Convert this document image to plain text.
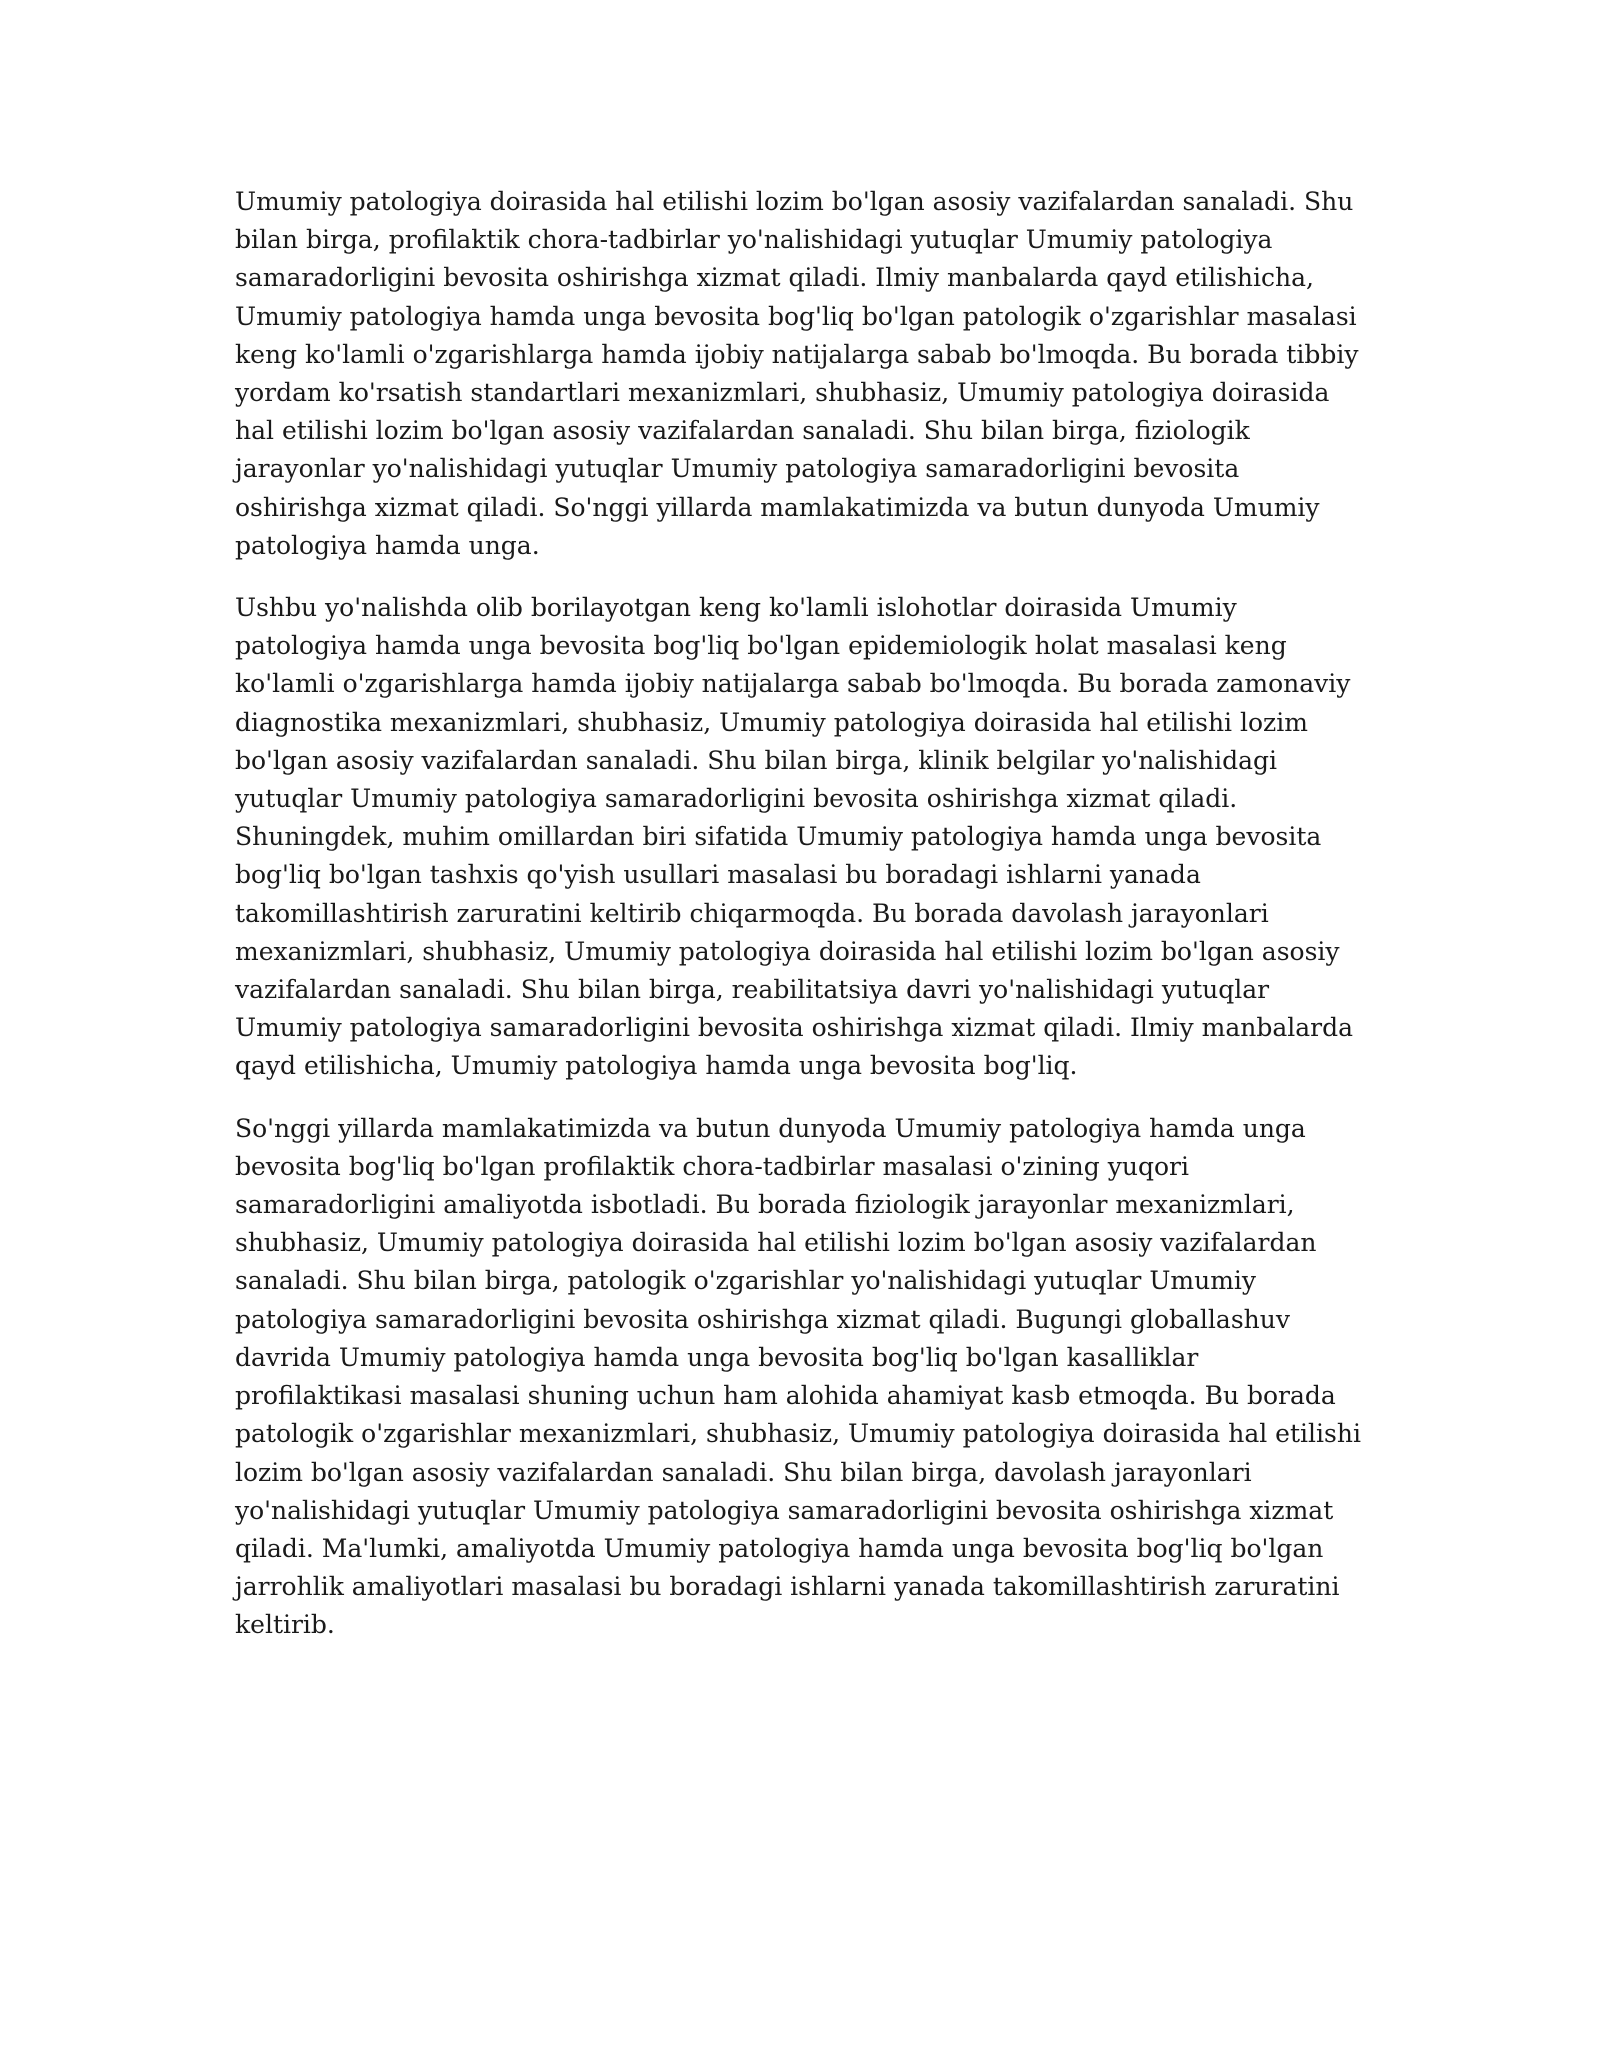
Umumiy patologiya doirasida hal etilishi lozim bo'lgan asosiy vazifalardan sanaladi. Shu bilan birga, profilaktik chora-tadbirlar yo'nalishidagi yutuqlar Umumiy patologiya samaradorligini bevosita oshirishga xizmat qiladi. Ilmiy manbalarda qayd etilishicha, Umumiy patologiya hamda unga bevosita bog'liq bo'lgan patologik o'zgarishlar masalasi keng ko'lamli o'zgarishlarga hamda ijobiy natijalarga sabab bo'lmoqda. Bu borada tibbiy yordam ko'rsatish standartlari mexanizmlari, shubhasiz, Umumiy patologiya doirasida hal etilishi lozim bo'lgan asosiy vazifalardan sanaladi. Shu bilan birga, fiziologik jarayonlar yo'nalishidagi yutuqlar Umumiy patologiya samaradorligini bevosita oshirishga xizmat qiladi. So'nggi yillarda mamlakatimizda va butun dunyoda Umumiy patologiya hamda unga.

Ushbu yo'nalishda olib borilayotgan keng ko'lamli islohotlar doirasida Umumiy patologiya hamda unga bevosita bog'liq bo'lgan epidemiologik holat masalasi keng ko'lamli o'zgarishlarga hamda ijobiy natijalarga sabab bo'lmoqda. Bu borada zamonaviy diagnostika mexanizmlari, shubhasiz, Umumiy patologiya doirasida hal etilishi lozim bo'lgan asosiy vazifalardan sanaladi. Shu bilan birga, klinik belgilar yo'nalishidagi yutuqlar Umumiy patologiya samaradorligini bevosita oshirishga xizmat qiladi. Shuningdek, muhim omillardan biri sifatida Umumiy patologiya hamda unga bevosita bog'liq bo'lgan tashxis qo'yish usullari masalasi bu boradagi ishlarni yanada takomillashtirish zaruratini keltirib chiqarmoqda. Bu borada davolash jarayonlari mexanizmlari, shubhasiz, Umumiy patologiya doirasida hal etilishi lozim bo'lgan asosiy vazifalardan sanaladi. Shu bilan birga, reabilitatsiya davri yo'nalishidagi yutuqlar Umumiy patologiya samaradorligini bevosita oshirishga xizmat qiladi. Ilmiy manbalarda qayd etilishicha, Umumiy patologiya hamda unga bevosita bog'liq.

So'nggi yillarda mamlakatimizda va butun dunyoda Umumiy patologiya hamda unga bevosita bog'liq bo'lgan profilaktik chora-tadbirlar masalasi o'zining yuqori samaradorligini amaliyotda isbotladi. Bu borada fiziologik jarayonlar mexanizmlari, shubhasiz, Umumiy patologiya doirasida hal etilishi lozim bo'lgan asosiy vazifalardan sanaladi. Shu bilan birga, patologik o'zgarishlar yo'nalishidagi yutuqlar Umumiy patologiya samaradorligini bevosita oshirishga xizmat qiladi. Bugungi globallashuv davrida Umumiy patologiya hamda unga bevosita bog'liq bo'lgan kasalliklar profilaktikasi masalasi shuning uchun ham alohida ahamiyat kasb etmoqda. Bu borada patologik o'zgarishlar mexanizmlari, shubhasiz, Umumiy patologiya doirasida hal etilishi lozim bo'lgan asosiy vazifalardan sanaladi. Shu bilan birga, davolash jarayonlari yo'nalishidagi yutuqlar Umumiy patologiya samaradorligini bevosita oshirishga xizmat qiladi. Ma'lumki, amaliyotda Umumiy patologiya hamda unga bevosita bog'liq bo'lgan jarrohlik amaliyotlari masalasi bu boradagi ishlarni yanada takomillashtirish zaruratini keltirib.
